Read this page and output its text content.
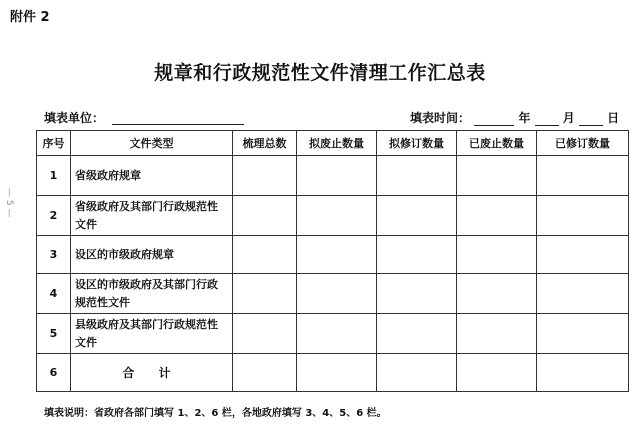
附件 2
— 5 —
规章和行政规范性文件清理工作汇总表
填表单位：	填表时间：	年	月	日
序号	文件类型	梳理总数	拟废止数量	拟修订数量	已废止数量	已修订数量
1	省级政府规章					
2	省级政府及其部门行政规范性文件					
3	设区的市级政府规章					
4	设区的市级政府及其部门行政规范性文件					
5	县级政府及其部门行政规范性文件					
6	合 计					
填表说明：省政府各部门填写 1、2、6 栏，各地政府填写 3、4、5、6 栏。
